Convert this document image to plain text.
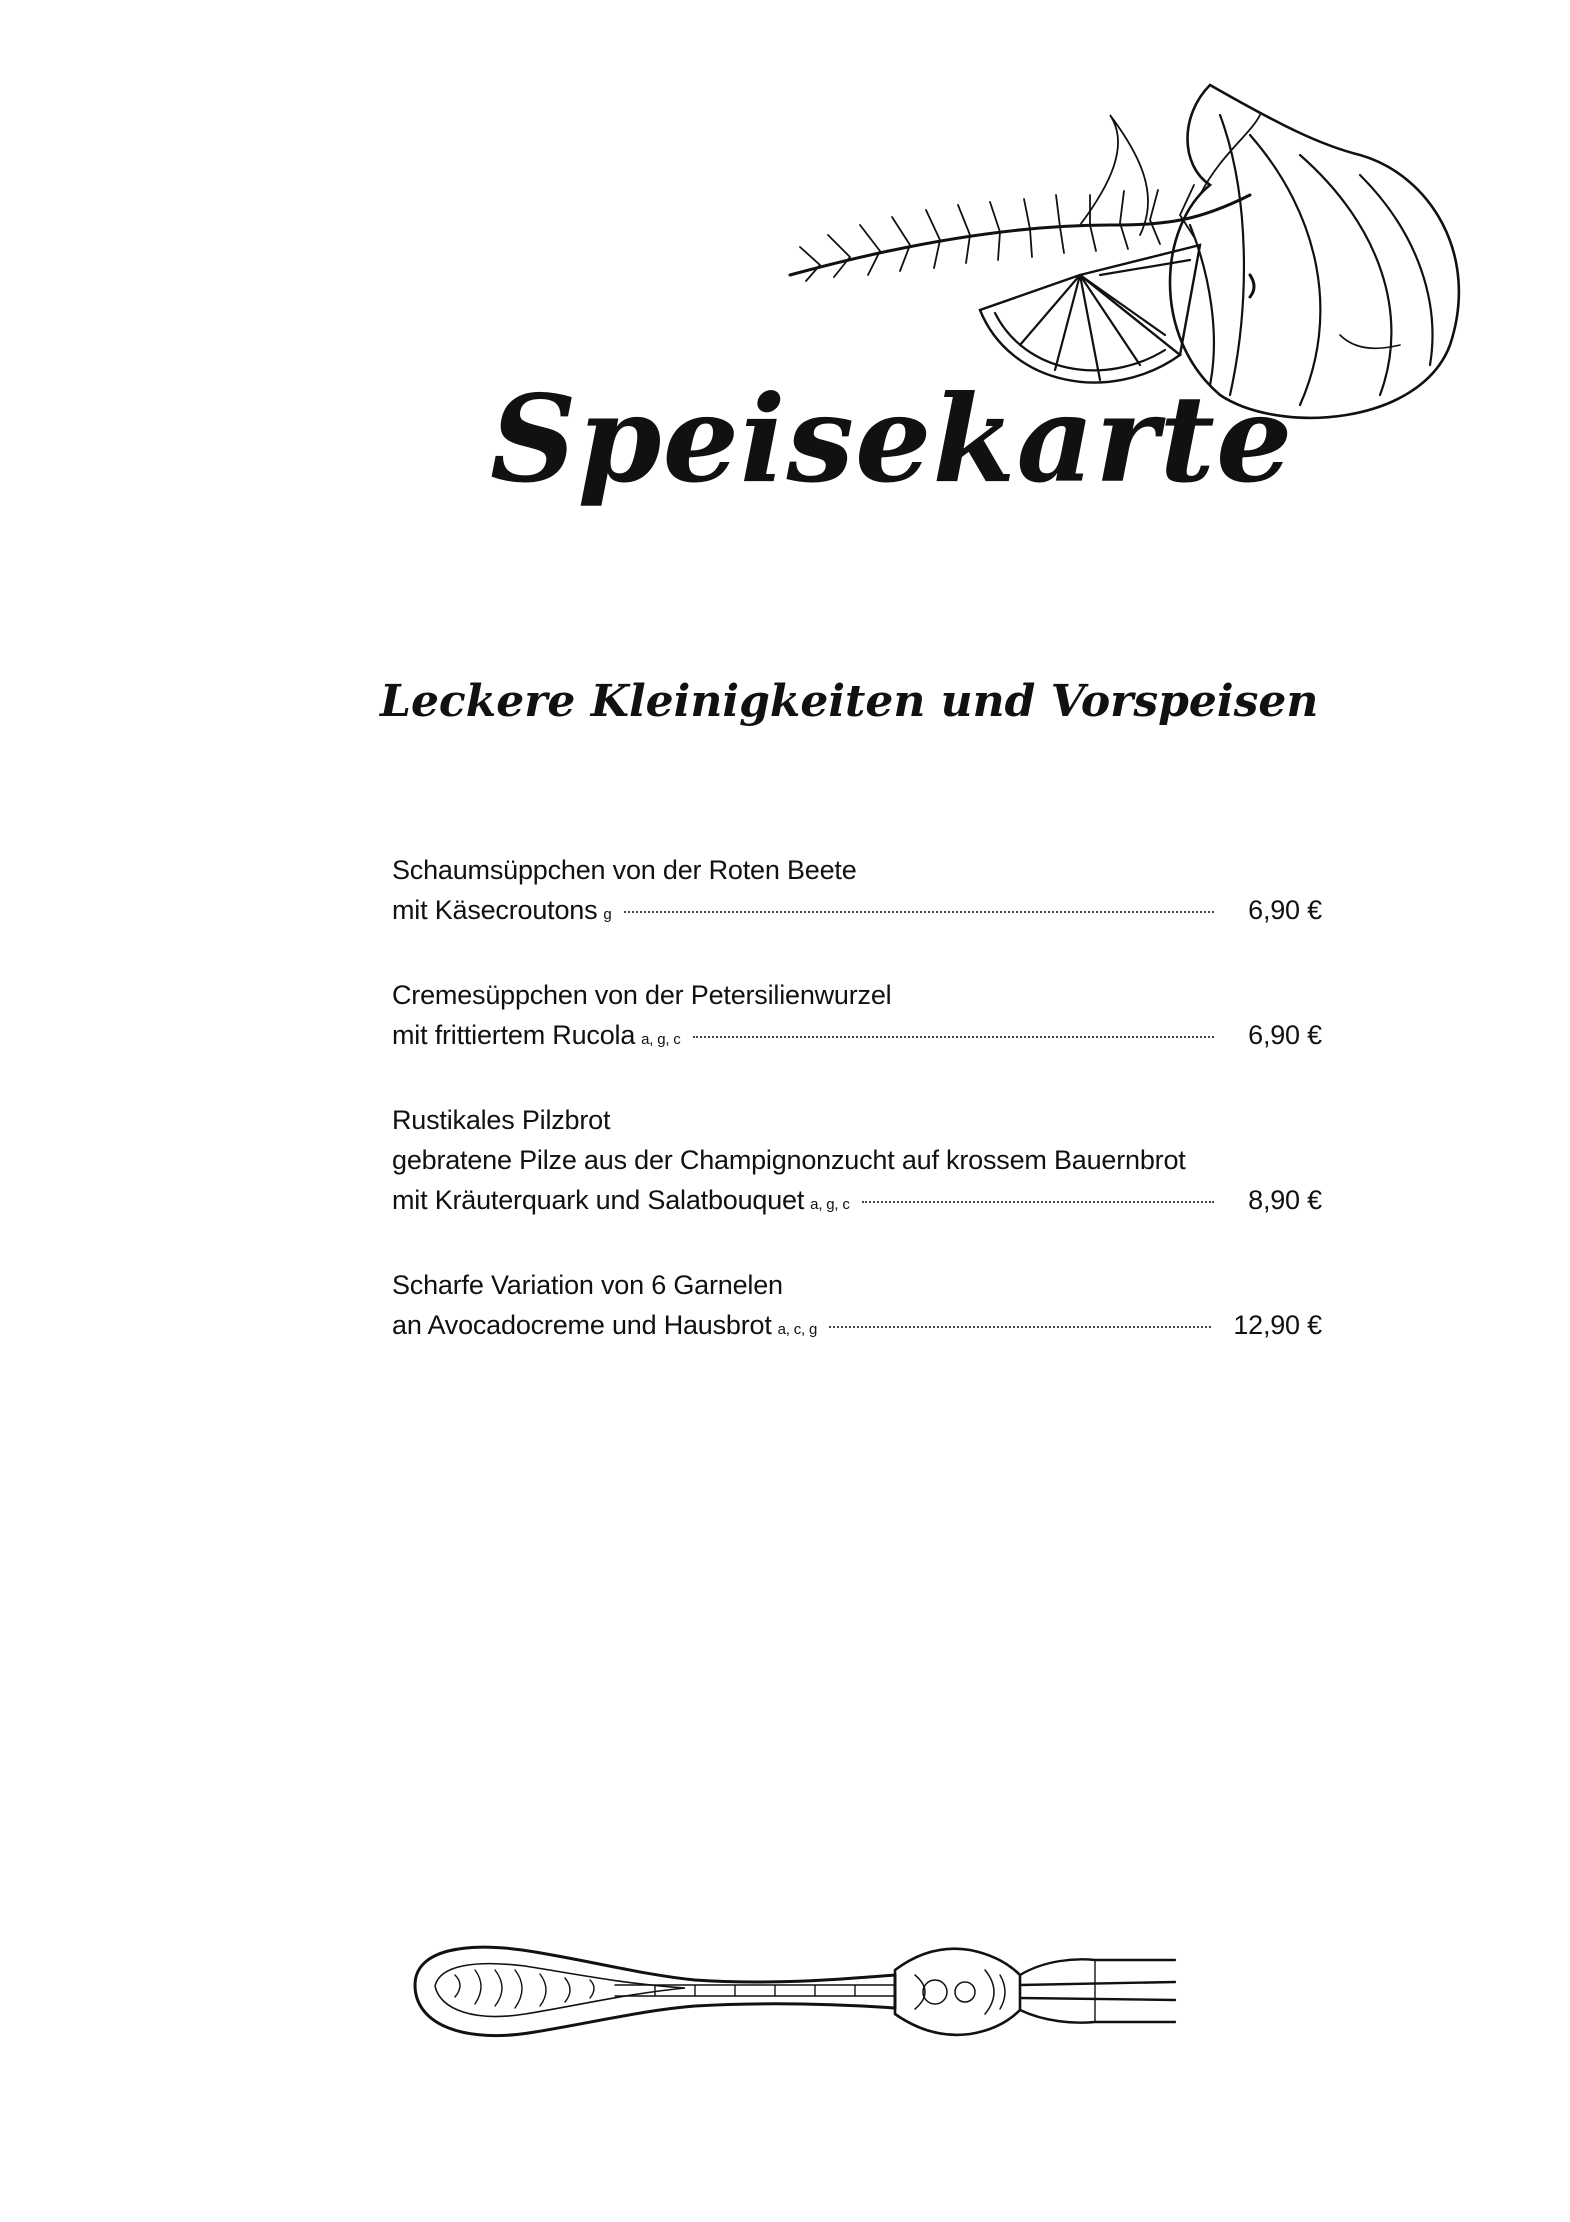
Speisekarte
Leckere Kleinigkeiten und Vorspeisen
Schaumsüppchen von der Roten Beete
mit Käsecroutons g	6,90 €
Cremesüppchen von der Petersilienwurzel
mit frittiertem Rucola a, g, c	6,90 €
Rustikales Pilzbrot
gebratene Pilze aus der Champignonzucht auf krossem Bauernbrot
mit Kräuterquark und Salatbouquet a, g, c	8,90 €
Scharfe Variation von 6 Garnelen
an Avocadocreme und Hausbrot a, c, g	12,90 €
